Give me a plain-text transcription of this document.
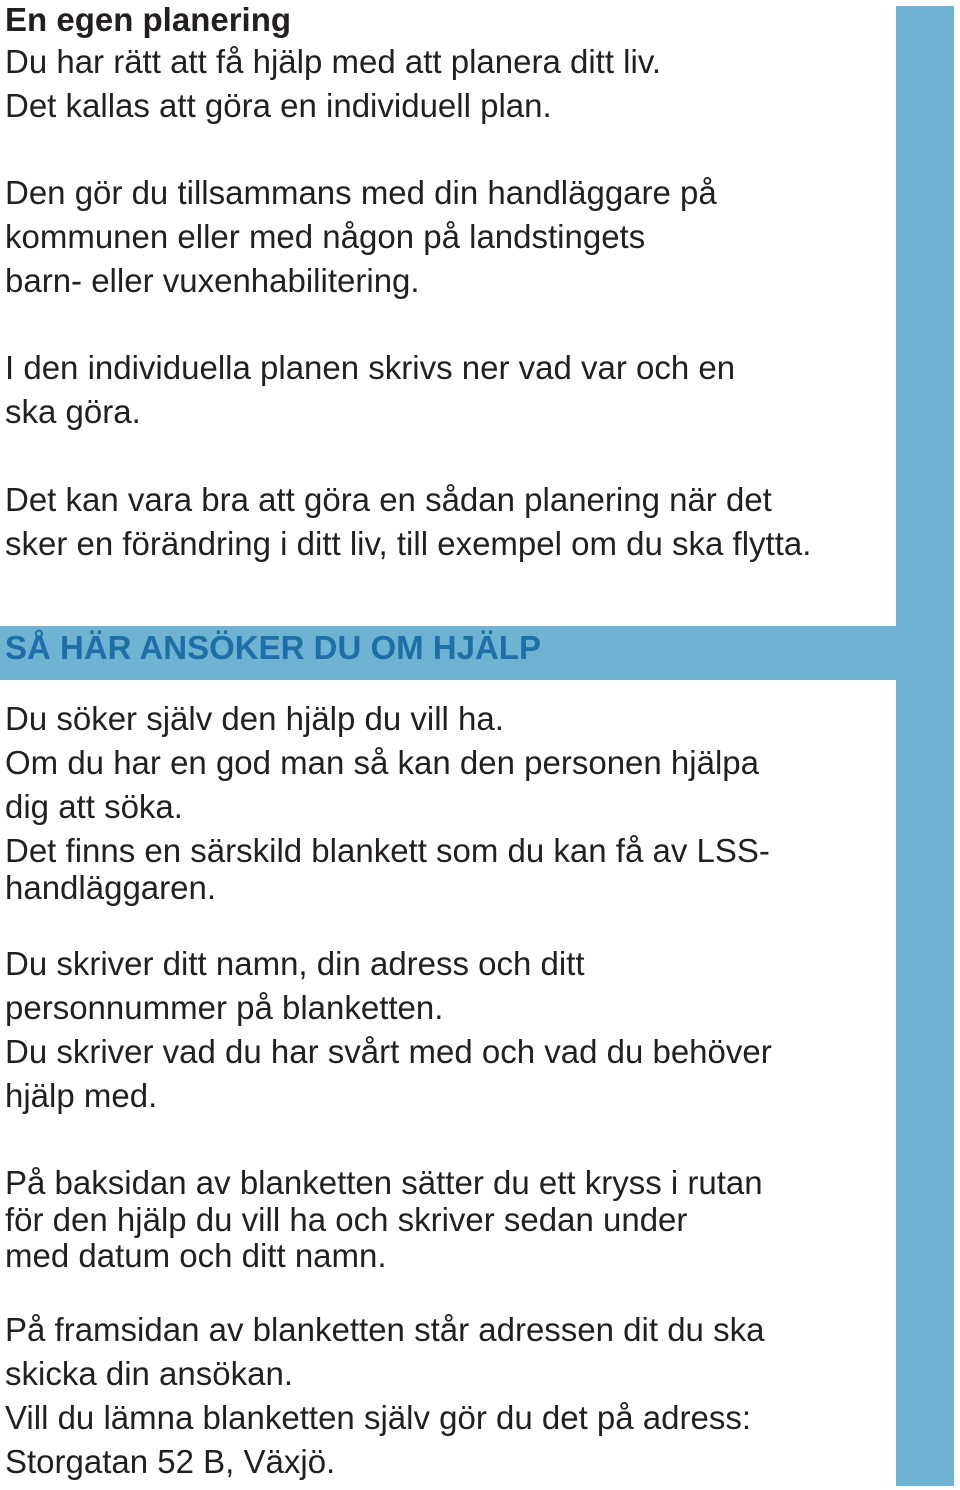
En egen planering

Du har rätt att få hjälp med att planera ditt liv.

Det kallas att göra en individuell plan.

Den gör du tillsammans med din handläggare på

kommunen eller med någon på landstingets

barn- eller vuxenhabilitering.

I den individuella planen skrivs ner vad var och en

ska göra.

Det kan vara bra att göra en sådan planering när det

sker en förändring i ditt liv, till exempel om du ska flytta.

SÅ HÄR ANSÖKER DU OM HJÄLP

Du söker själv den hjälp du vill ha.

Om du har en god man så kan den personen hjälpa

dig att söka.

Det finns en särskild blankett som du kan få av LSS-

handläggaren.

Du skriver ditt namn, din adress och ditt

personnummer på blanketten.

Du skriver vad du har svårt med och vad du behöver

hjälp med.

På baksidan av blanketten sätter du ett kryss i rutan

för den hjälp du vill ha och skriver sedan under

med datum och ditt namn.

På framsidan av blanketten står adressen dit du ska

skicka din ansökan.

Vill du lämna blanketten själv gör du det på adress:

Storgatan 52 B, Växjö.
